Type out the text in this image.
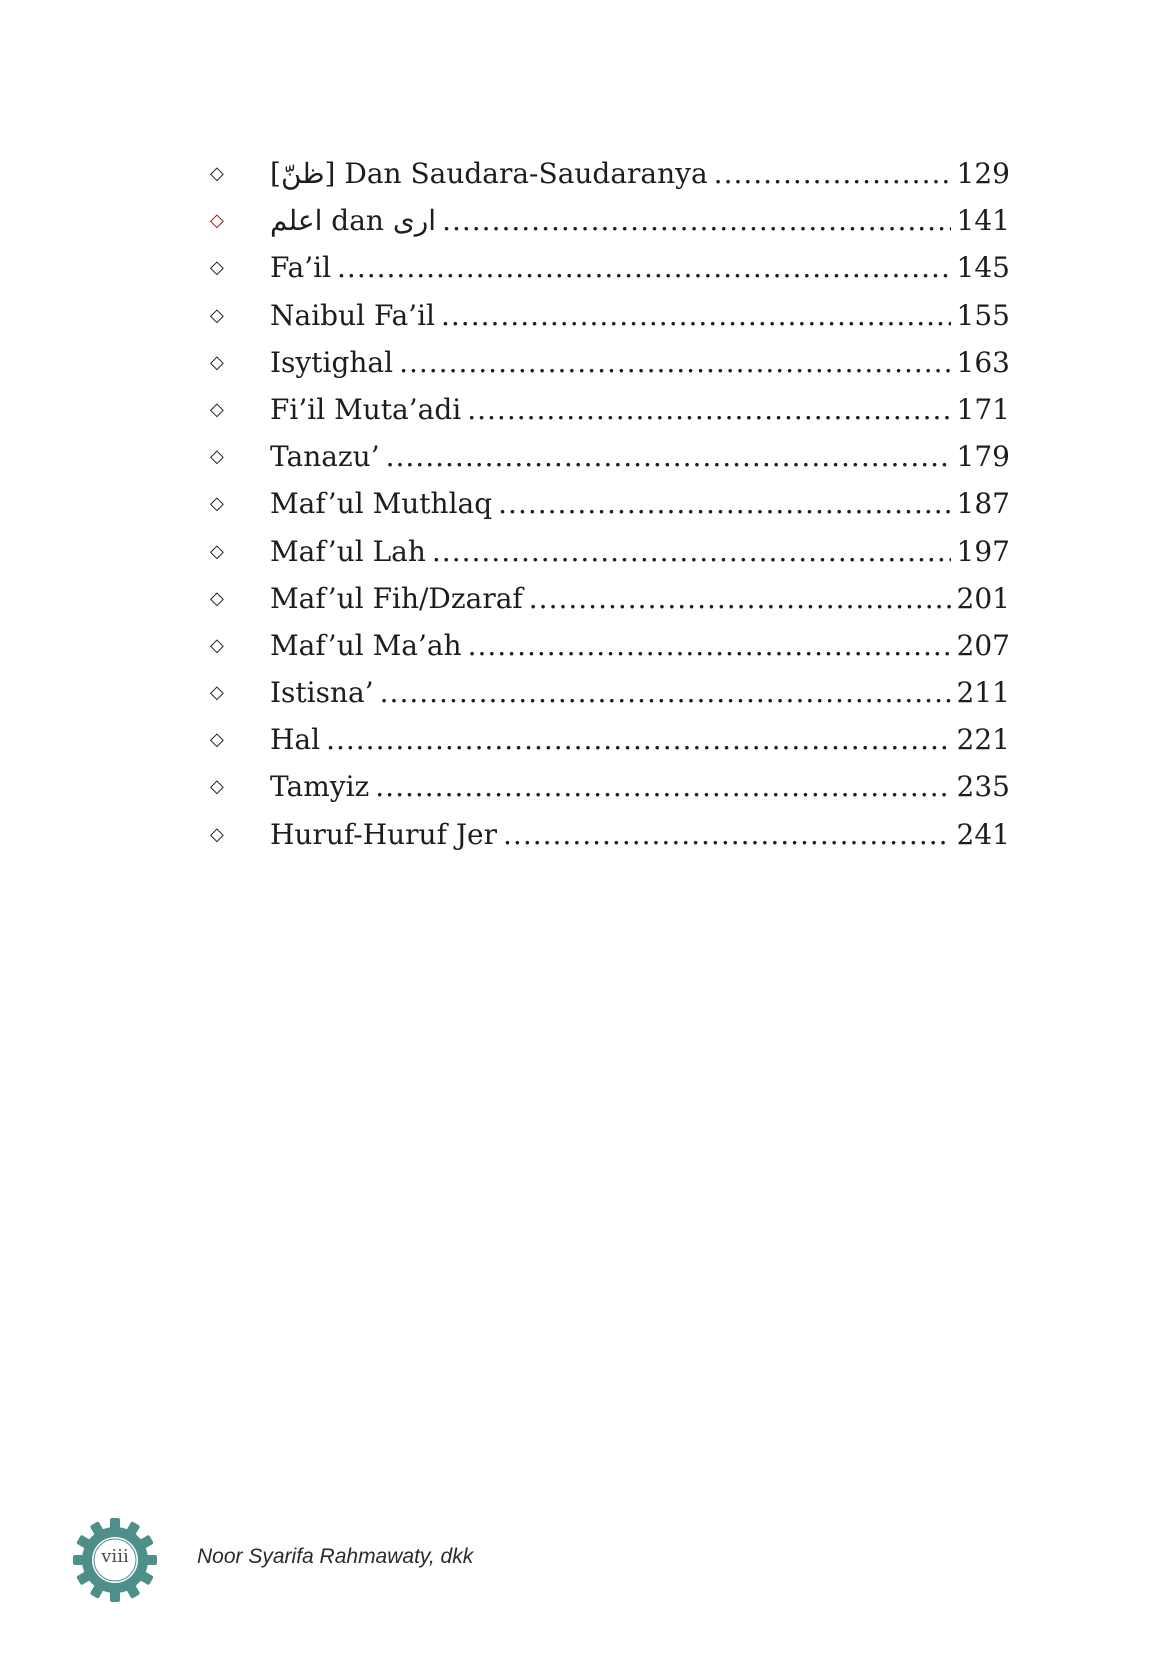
◇	[ظنّ] Dan Saudara-Saudaranya .....	129
◇	اعلم dan ارى .....	141
◇	Fa’il .....	145
◇	Naibul Fa’il .....	155
◇	Isytighal .....	163
◇	Fi’il Muta’adi .....	171
◇	Tanazu’ .....	179
◇	Maf’ul Muthlaq .....	187
◇	Maf’ul Lah .....	197
◇	Maf’ul Fih/Dzaraf .....	201
◇	Maf’ul Ma’ah .....	207
◇	Istisna’ .....	211
◇	Hal .....	221
◇	Tamyiz .....	235
◇	Huruf-Huruf Jer .....	241
viii	Noor Syarifa Rahmawaty, dkk
